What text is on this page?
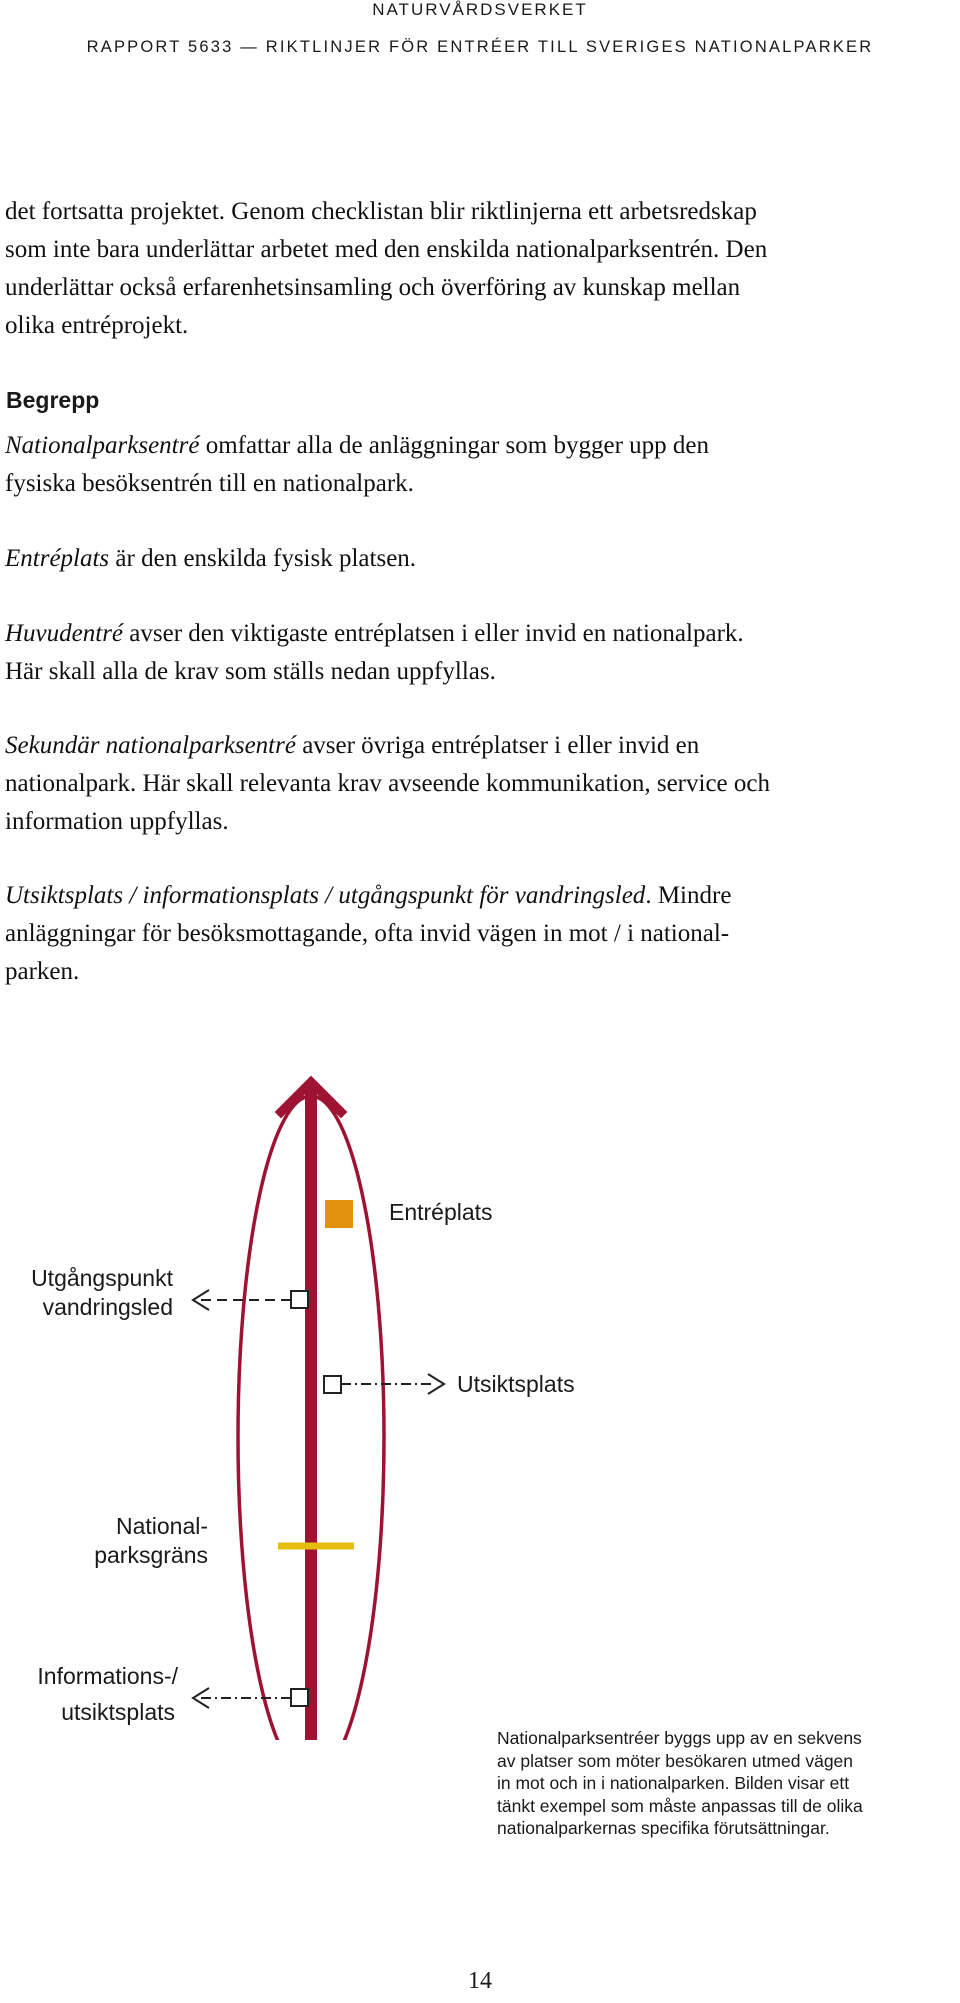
NATURVÅRDSVERKET
RAPPORT 5633 — RIKTLINJER FÖR ENTRÉER TILL SVERIGES NATIONALPARKER
det fortsatta projektet. Genom checklistan blir riktlinjerna ett arbetsredskap
som inte bara underlättar arbetet med den enskilda nationalparksentrén. Den
underlättar också erfarenhetsinsamling och överföring av kunskap mellan
olika entréprojekt.
Begrepp
Nationalparksentré omfattar alla de anläggningar som bygger upp den
fysiska besöksentrén till en nationalpark.
Entréplats är den enskilda fysisk platsen.
Huvudentré avser den viktigaste entréplatsen i eller invid en nationalpark.
Här skall alla de krav som ställs nedan uppfyllas.
Sekundär nationalparksentré avser övriga entréplatser i eller invid en
nationalpark. Här skall relevanta krav avseende kommunikation, service och
information uppfyllas.
Utsiktsplats / informationsplats / utgångspunkt för vandringsled. Mindre
anläggningar för besöksmottagande, ofta invid vägen in mot / i national-
parken.
Entréplats
Utgångspunkt
vandringsled
Utsiktsplats
National-
parksgräns
Informations-/
utsiktsplats
Nationalparksentréer byggs upp av en sekvens
av platser som möter besökaren utmed vägen
in mot och in i nationalparken. Bilden visar ett
tänkt exempel som måste anpassas till de olika
nationalparkernas specifika förutsättningar.
14
